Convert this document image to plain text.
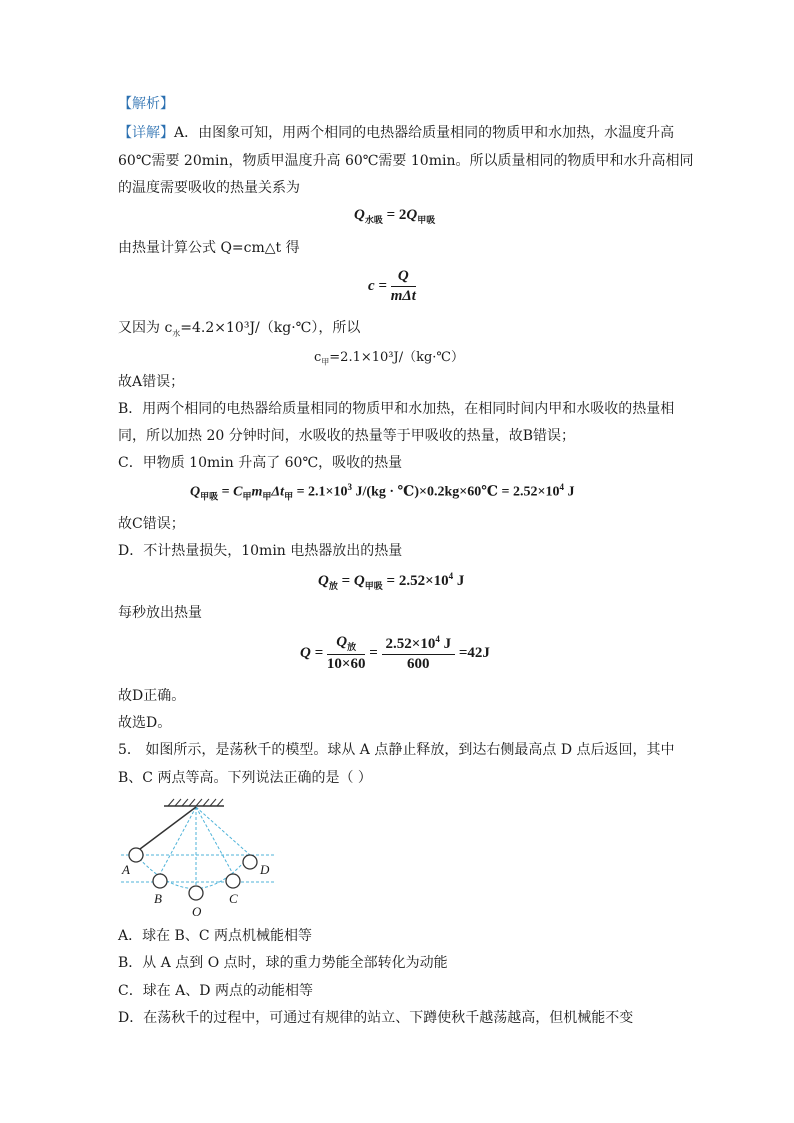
【解析】
【详解】A．由图象可知，用两个相同的电热器给质量相同的物质甲和水加热，水温度升高
60℃需要 20min，物质甲温度升高 60℃需要 10min。所以质量相同的物质甲和水升高相同
的温度需要吸收的热量关系为
$Q_{水吸} = 2Q_{甲吸}$
由热量计算公式 Q=cm△t 得
$c = \frac{Q}{\text{mΔt}}$
又因为 $c_水=4.2\times 10^3J/(kg\cdot℃)$，所以
$c_甲=2.1\times 10^3J/(kg\cdot℃)$
故A错误；
B．用两个相同的电热器给质量相同的物质甲和水加热，在相同时间内甲和水吸收的热量相
同，所以加热 20 分钟时间，水吸收的热量等于甲吸收的热量，故B错误；
C．甲物质 10min 升高了 60℃，吸收的热量
$Q_{甲吸} = C_甲m_甲\Delta t_甲 = 2.1\times 10^3$ J/(kg · ℃)×0.2kg×60℃ = $2.52\times 10^4$ J
故C错误；
D．不计热量损失，10min 电热器放出的热量
$Q_放 = Q_{甲吸} = 2.52\times 10^4$ J
每秒放出热量
$Q = \frac{Q_放}{10\times 60} = \frac{2.52\times 10^4 J}{600} =42J$
故D正确。
故选D。
5． 如图所示，是荡秋千的模型。球从 A 点静止释放，到达右侧最高点 D 点后返回，其中
B、C 两点等高。下列说法正确的是（ ）
A
B
O
C
D
A．球在 B、C 两点机械能相等
B．从 A 点到 O 点时，球的重力势能全部转化为动能
C．球在 A、D 两点的动能相等
D．在荡秋千的过程中，可通过有规律的站立、下蹲使秋千越荡越高，但机械能不变
